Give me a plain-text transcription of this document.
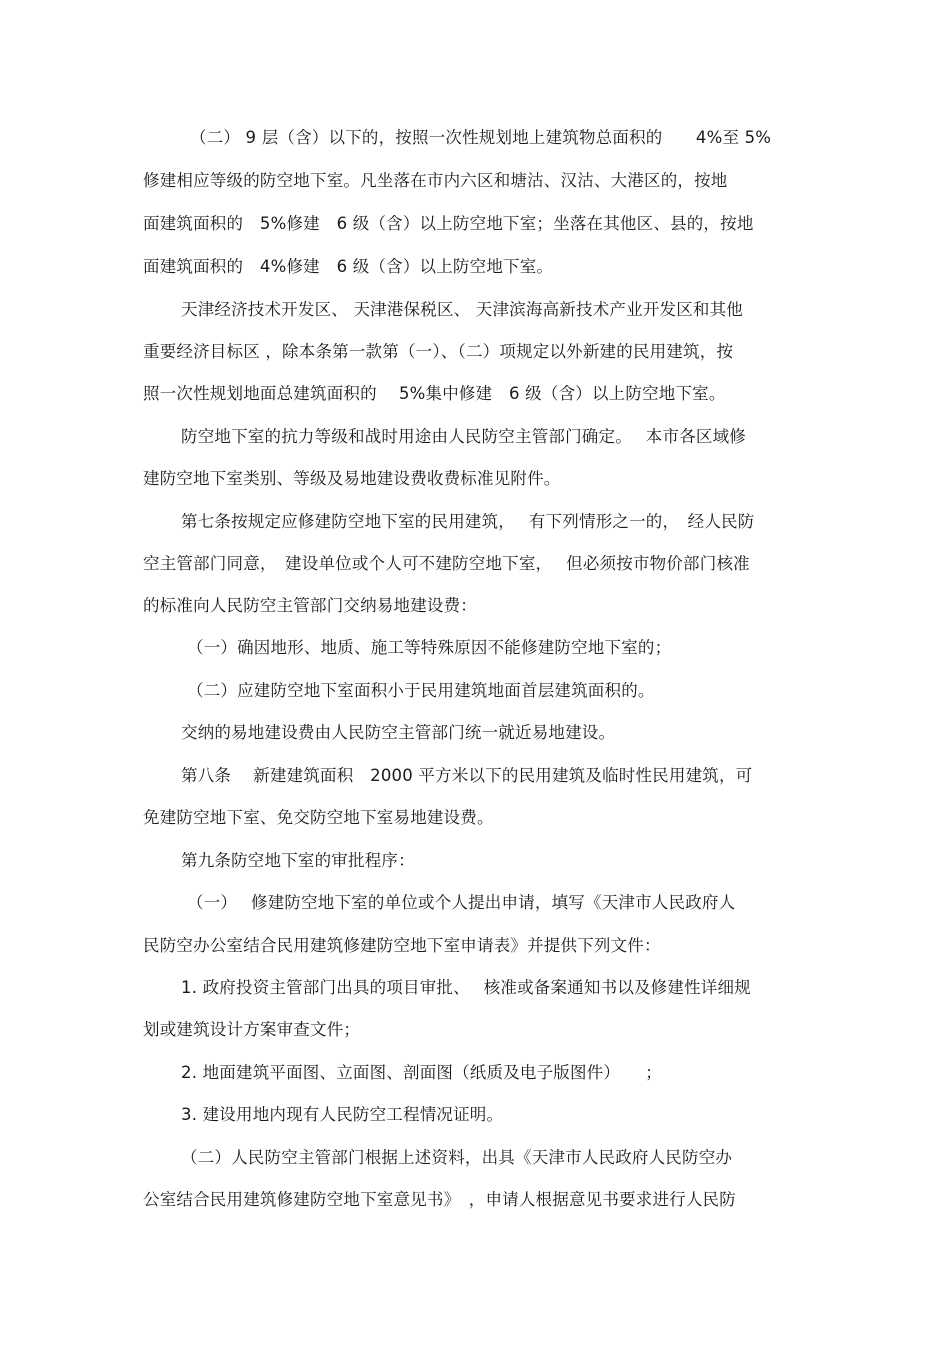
（二） 9 层（含）以下的，按照一次性规划地上建筑物总面积的　　4%至 5%
修建相应等级的防空地下室。凡坐落在市内六区和塘沽、汉沽、大港区的，按地
面建筑面积的　5%修建　6 级（含）以上防空地下室；坐落在其他区、县的，按地
面建筑面积的　4%修建　6 级（含）以上防空地下室。
天津经济技术开发区、 天津港保税区、 天津滨海高新技术产业开发区和其他
重要经济目标区 ，除本条第一款第（一）、（二）项规定以外新建的民用建筑，按
照一次性规划地面总建筑面积的　 5%集中修建　6 级（含）以上防空地下室。
防空地下室的抗力等级和战时用途由人民防空主管部门确定。　 本市各区域修
建防空地下室类别、等级及易地建设费收费标准见附件。
第七条按规定应修建防空地下室的民用建筑，　 有下列情形之一的，　经人民防
空主管部门同意，　建设单位或个人可不建防空地下室，　 但必须按市物价部门核准
的标准向人民防空主管部门交纳易地建设费：
（一）确因地形、地质、施工等特殊原因不能修建防空地下室的；
（二）应建防空地下室面积小于民用建筑地面首层建筑面积的。
交纳的易地建设费由人民防空主管部门统一就近易地建设。
第八条　 新建建筑面积　2000 平方米以下的民用建筑及临时性民用建筑，可
免建防空地下室、免交防空地下室易地建设费。
第九条防空地下室的审批程序：
（一）　 修建防空地下室的单位或个人提出申请，填写《天津市人民政府人
民防空办公室结合民用建筑修建防空地下室申请表》并提供下列文件：
1. 政府投资主管部门出具的项目审批、　 核准或备案通知书以及修建性详细规
划或建筑设计方案审查文件；
2. 地面建筑平面图、立面图、剖面图（纸质及电子版图件）　　；
3. 建设用地内现有人民防空工程情况证明。
（二）人民防空主管部门根据上述资料，出具《天津市人民政府人民防空办
公室结合民用建筑修建防空地下室意见书》　，申请人根据意见书要求进行人民防
